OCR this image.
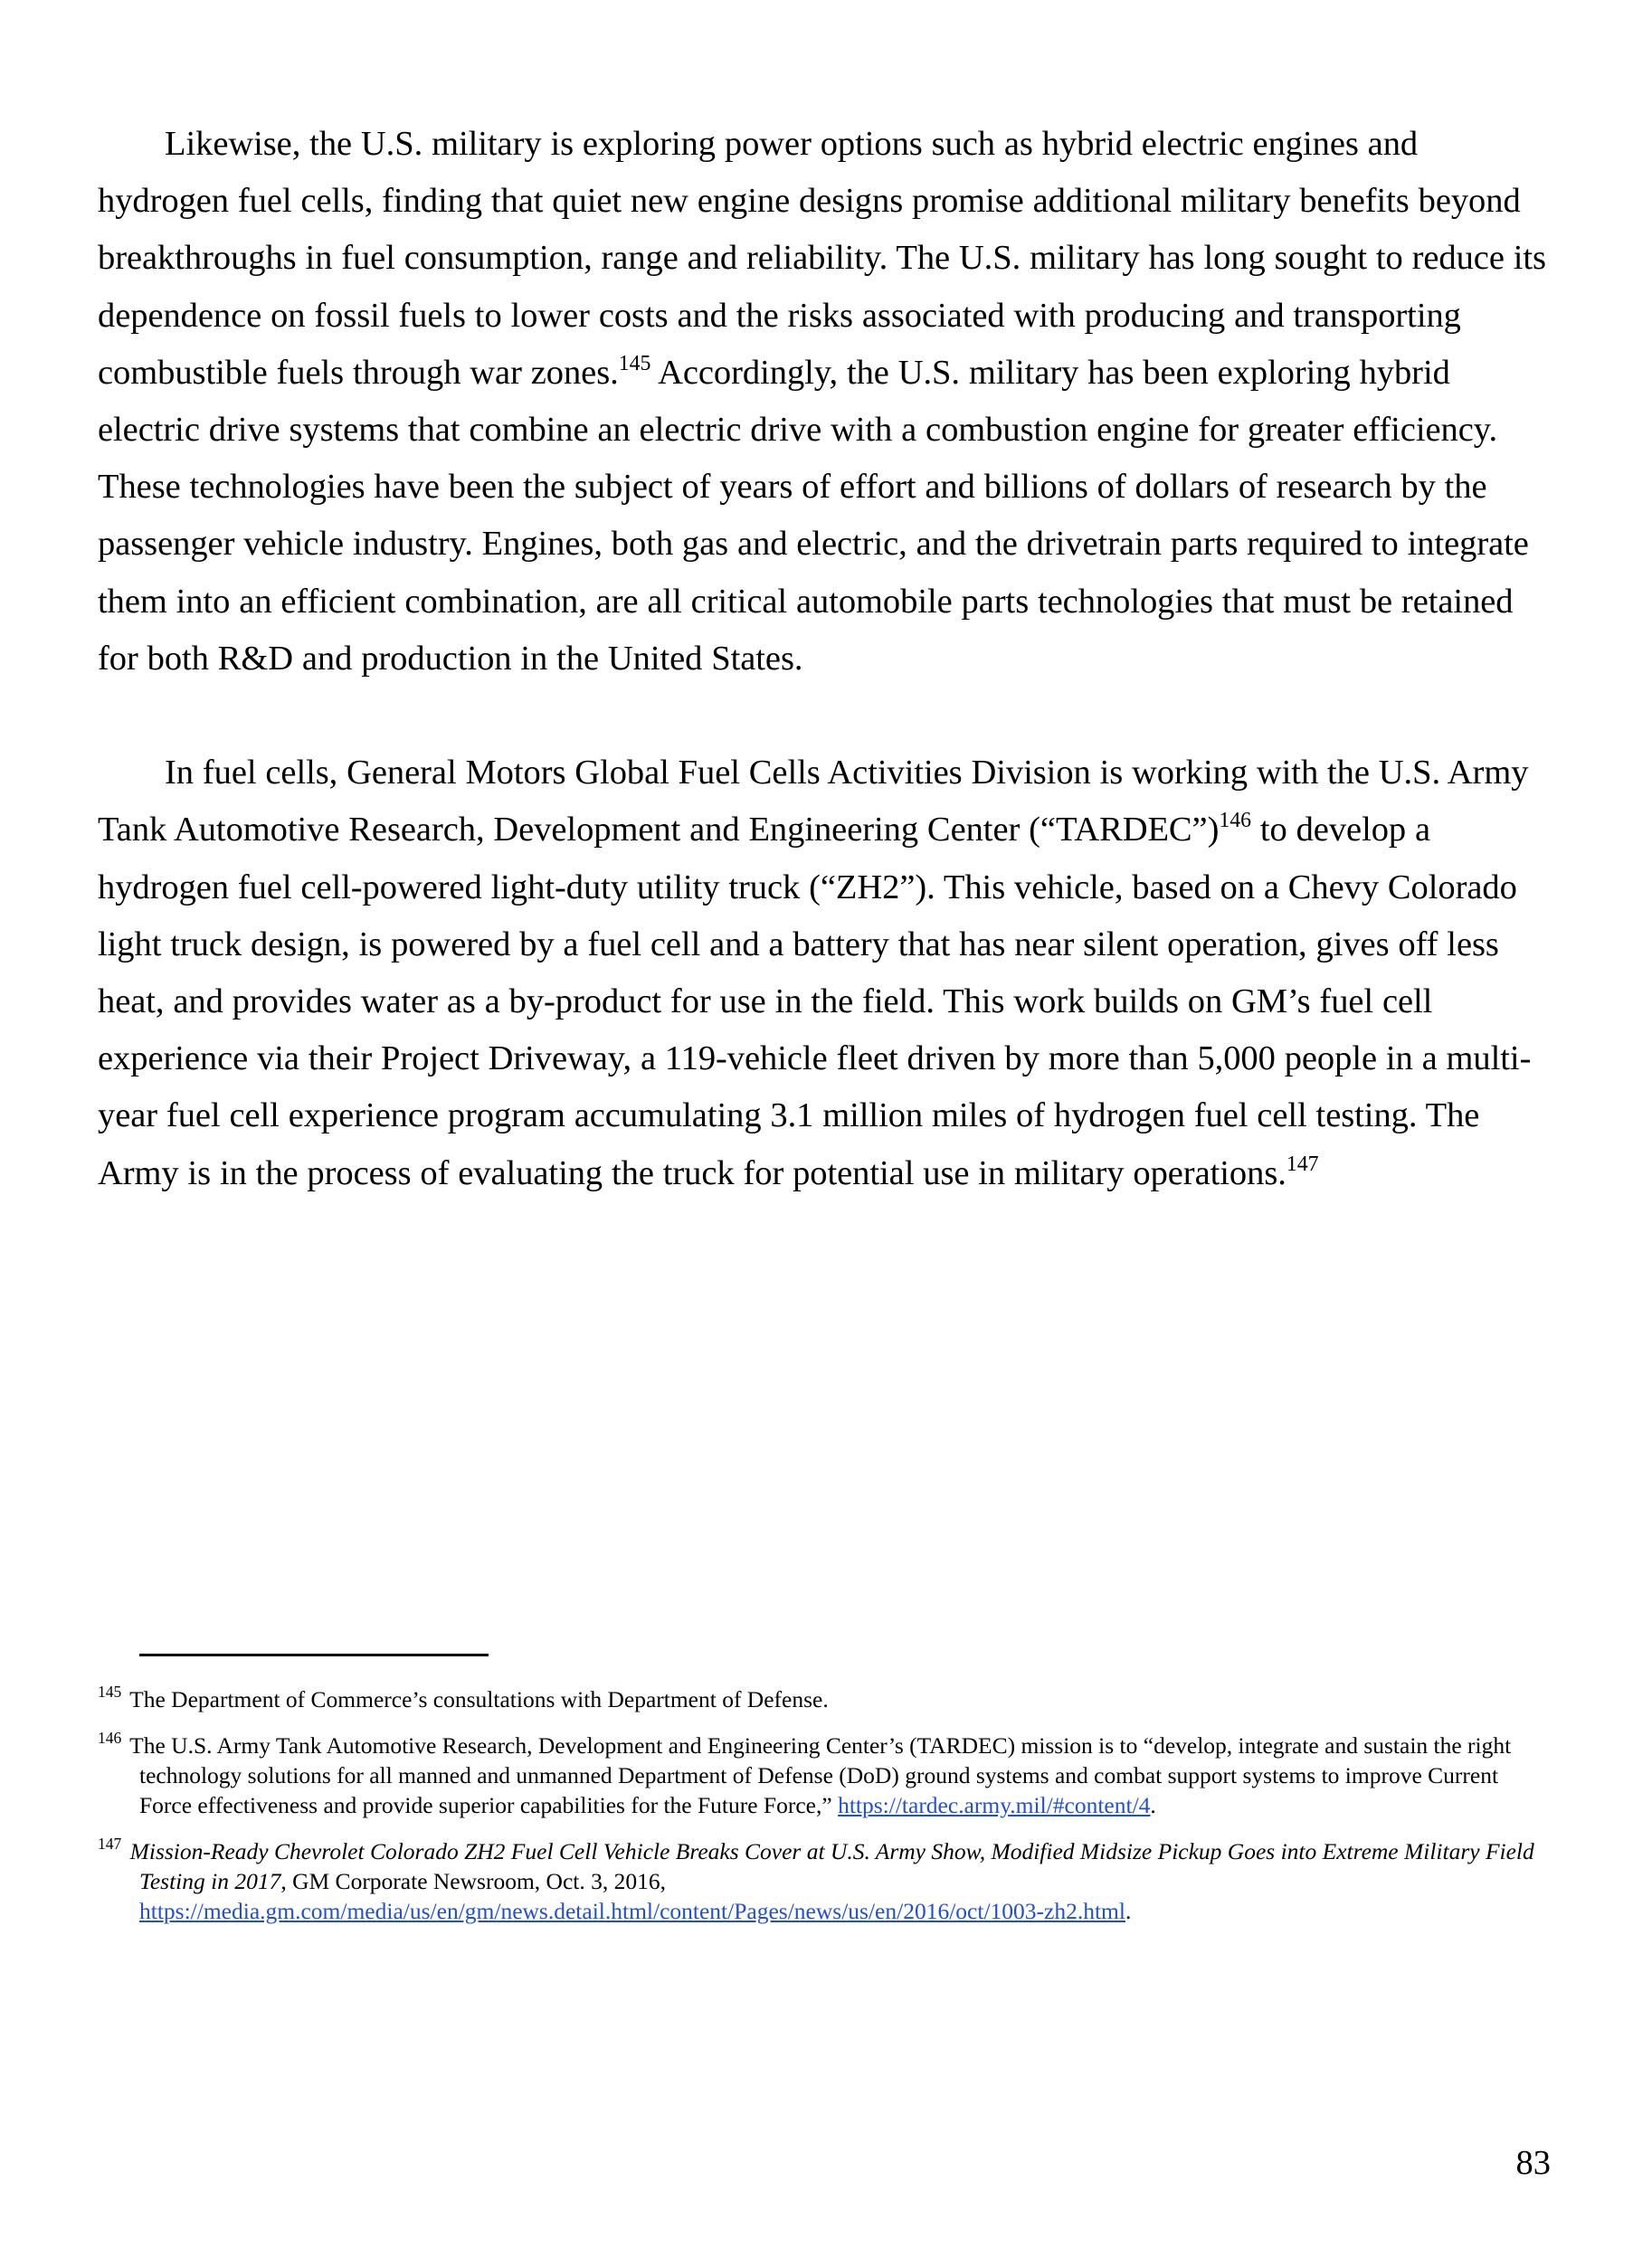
Likewise, the U.S. military is exploring power options such as hybrid electric engines and hydrogen fuel cells, finding that quiet new engine designs promise additional military benefits beyond breakthroughs in fuel consumption, range and reliability. The U.S. military has long sought to reduce its dependence on fossil fuels to lower costs and the risks associated with producing and transporting combustible fuels through war zones.$^{145}$ Accordingly, the U.S. military has been exploring hybrid electric drive systems that combine an electric drive with a combustion engine for greater efficiency. These technologies have been the subject of years of effort and billions of dollars of research by the passenger vehicle industry. Engines, both gas and electric, and the drivetrain parts required to integrate them into an efficient combination, are all critical automobile parts technologies that must be retained for both R&D and production in the United States.

In fuel cells, General Motors Global Fuel Cells Activities Division is working with the U.S. Army Tank Automotive Research, Development and Engineering Center (“TARDEC”)$^{146}$ to develop a hydrogen fuel cell-powered light-duty utility truck (“ZH2”). This vehicle, based on a Chevy Colorado light truck design, is powered by a fuel cell and a battery that has near silent operation, gives off less heat, and provides water as a by-product for use in the field. This work builds on GM’s fuel cell experience via their Project Driveway, a 119-vehicle fleet driven by more than 5,000 people in a multi-year fuel cell experience program accumulating 3.1 million miles of hydrogen fuel cell testing. The Army is in the process of evaluating the truck for potential use in military operations.$^{147}$

$^{145}$ The Department of Commerce’s consultations with Department of Defense.
$^{146}$ The U.S. Army Tank Automotive Research, Development and Engineering Center’s (TARDEC) mission is to “develop, integrate and sustain the right technology solutions for all manned and unmanned Department of Defense (DoD) ground systems and combat support systems to improve Current Force effectiveness and provide superior capabilities for the Future Force,” https://tardec.army.mil/#content/4.
$^{147}$ Mission-Ready Chevrolet Colorado ZH2 Fuel Cell Vehicle Breaks Cover at U.S. Army Show, Modified Midsize Pickup Goes into Extreme Military Field Testing in 2017, GM Corporate Newsroom, Oct. 3, 2016, https://media.gm.com/media/us/en/gm/news.detail.html/content/Pages/news/us/en/2016/oct/1003-zh2.html.
83
